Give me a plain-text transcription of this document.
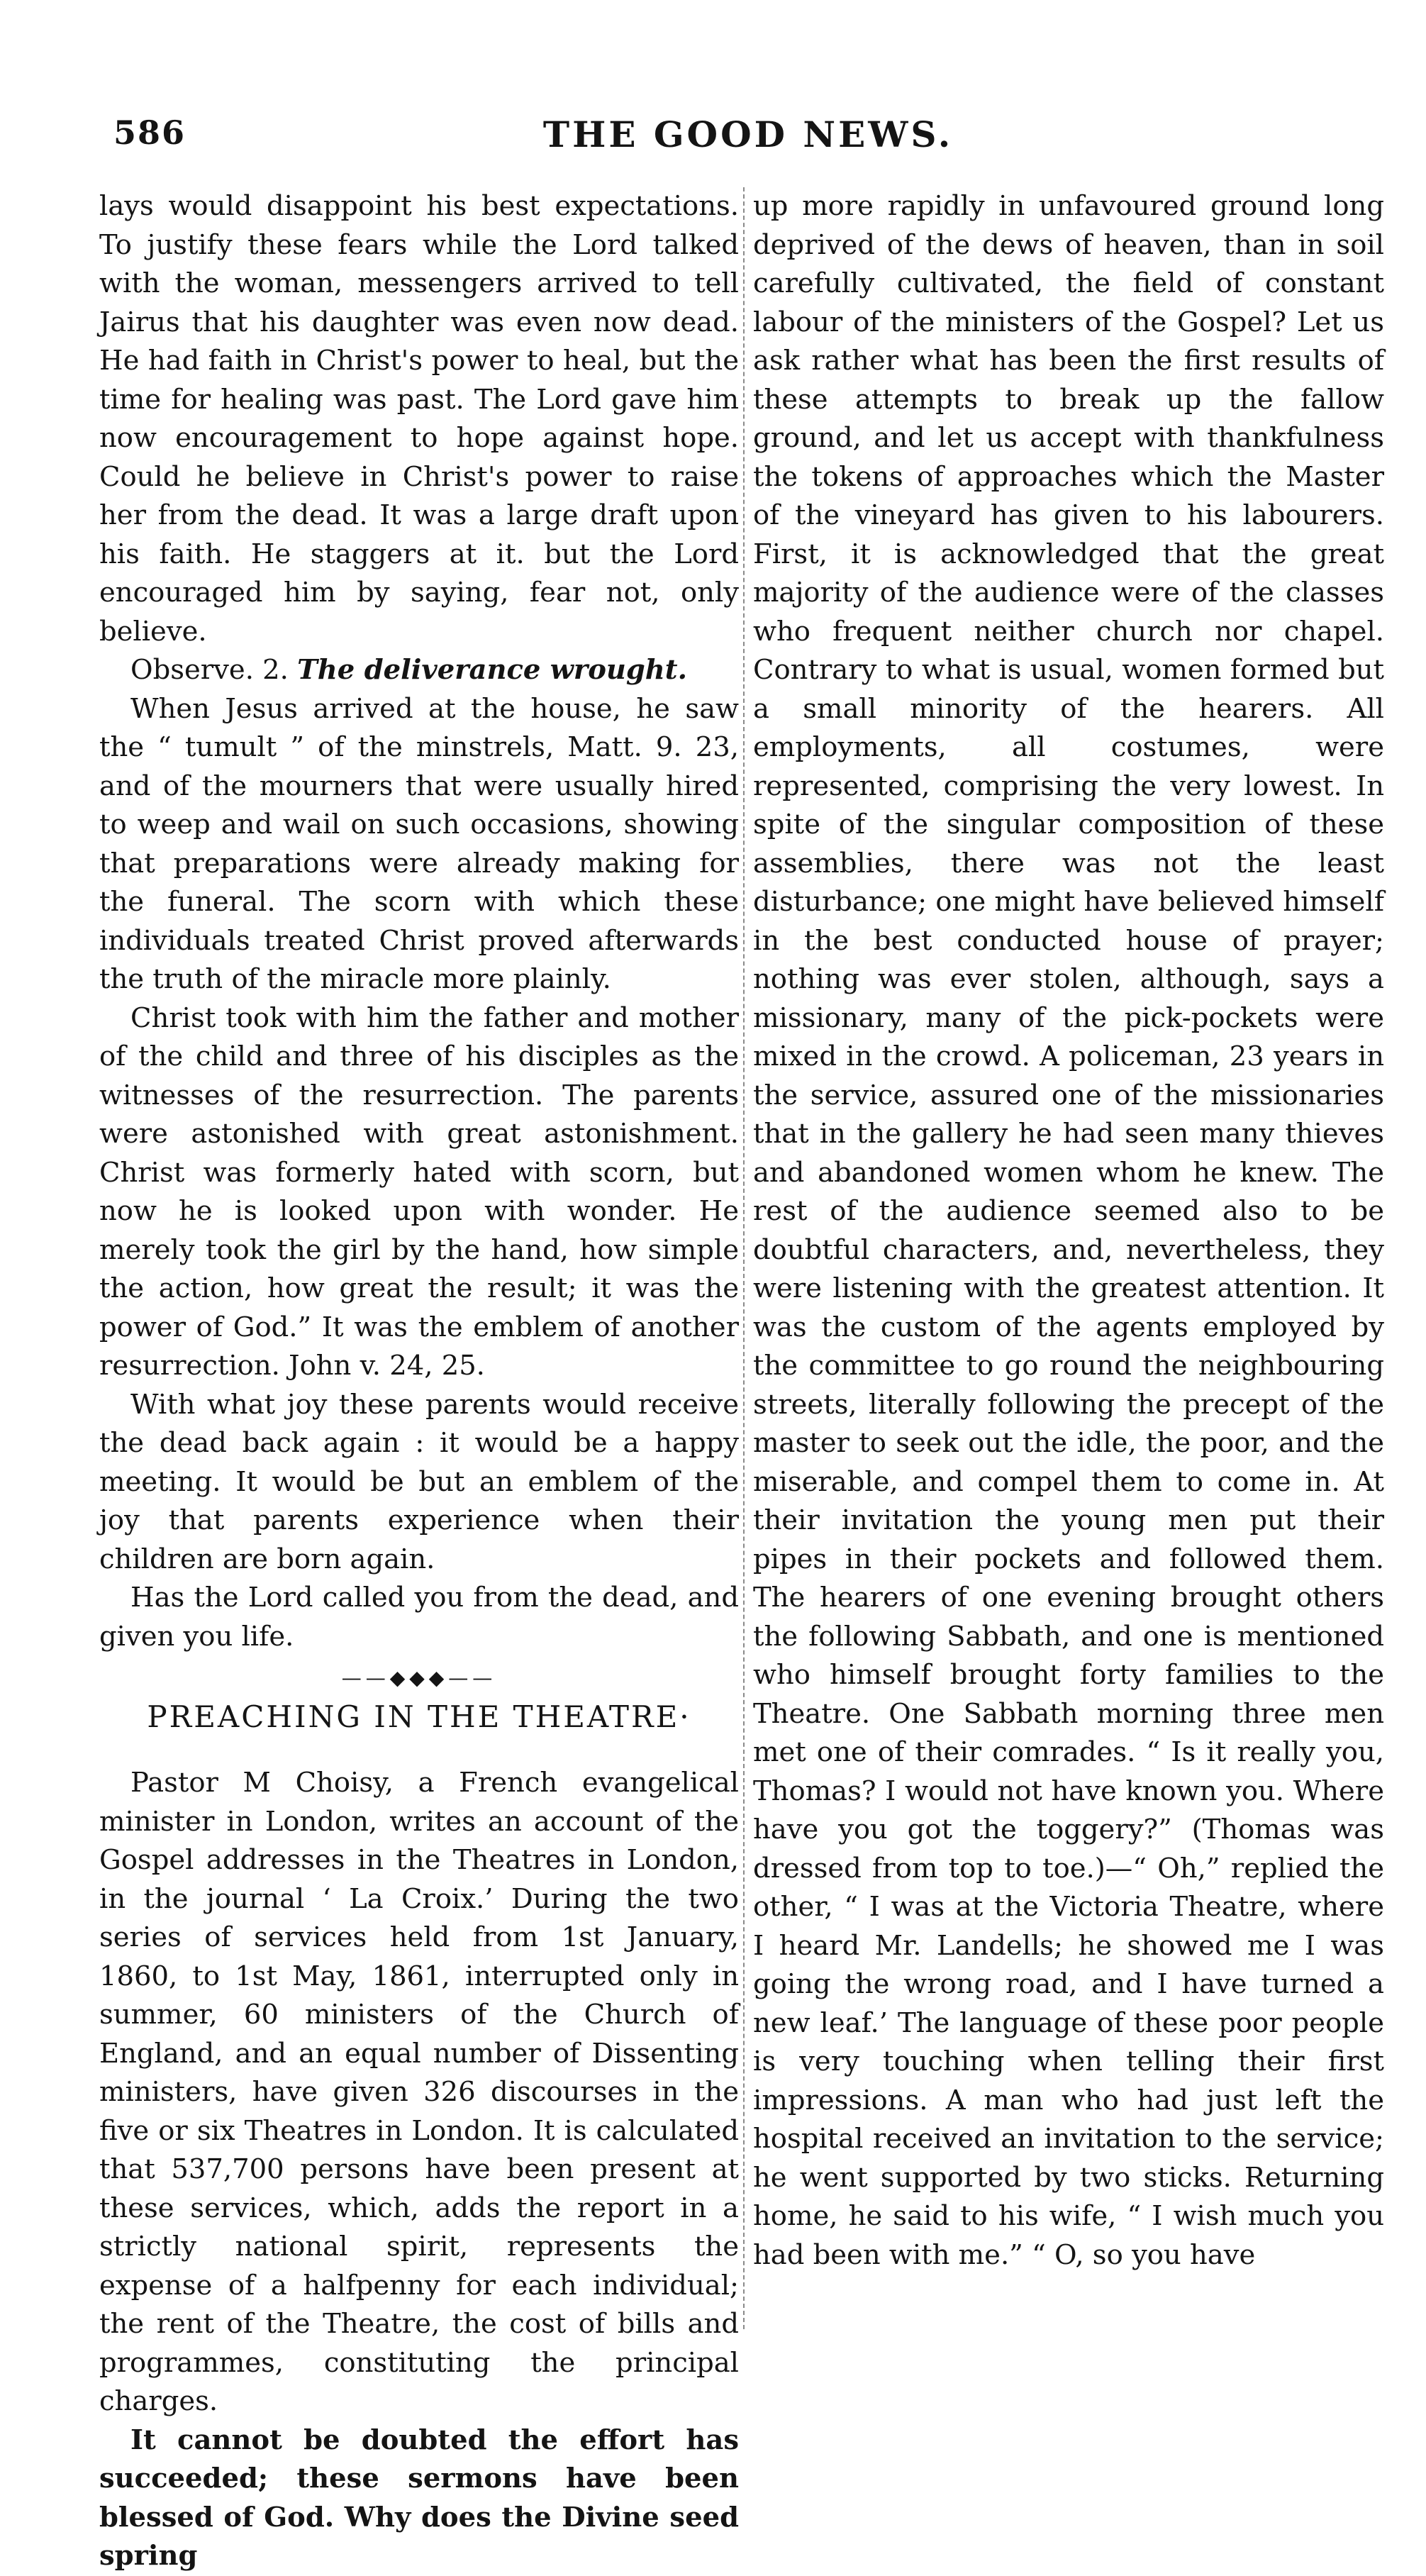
586	THE GOOD NEWS.

lays would disappoint his best expectations. To justify these fears while the Lord talked with the woman, messengers arrived to tell Jairus that his daughter was even now dead. He had faith in Christ's power to heal, but the time for healing was past. The Lord gave him now encouragement to hope against hope. Could he believe in Christ's power to raise her from the dead. It was a large draft upon his faith. He staggers at it. but the Lord encouraged him by saying, fear not, only believe.

Observe. 2. The deliverance wrought.

When Jesus arrived at the house, he saw the “ tumult ” of the minstrels, Matt. 9. 23, and of the mourners that were usually hired to weep and wail on such occasions, showing that preparations were already making for the funeral. The scorn with which these individuals treated Christ proved afterwards the truth of the miracle more plainly.

Christ took with him the father and mother of the child and three of his disciples as the witnesses of the resurrection. The parents were astonished with great astonishment. Christ was formerly hated with scorn, but now he is looked upon with wonder. He merely took the girl by the hand, how simple the action, how great the result; it was the power of God.” It was the emblem of another resurrection. John v. 24, 25.

With what joy these parents would receive the dead back again : it would be a happy meeting. It would be but an emblem of the joy that parents experience when their children are born again.

Has the Lord called you from the dead, and given you life.

——◆◆◆——
PREACHING IN THE THEATRE·

Pastor M Choisy, a French evangelical minister in London, writes an account of the Gospel addresses in the Theatres in London, in the journal ‘ La Croix.’ During the two series of services held from 1st January, 1860, to 1st May, 1861, interrupted only in summer, 60 ministers of the Church of England, and an equal number of Dissenting ministers, have given 326 discourses in the five or six Theatres in London. It is calculated that 537,700 persons have been present at these services, which, adds the report in a strictly national spirit, represents the expense of a halfpenny for each individual; the rent of the Theatre, the cost of bills and programmes, constituting the principal charges.

It cannot be doubted the effort has succeeded; these sermons have been blessed of God. Why does the Divine seed spring

up more rapidly in unfavoured ground long deprived of the dews of heaven, than in soil carefully cultivated, the field of constant labour of the ministers of the Gospel? Let us ask rather what has been the first results of these attempts to break up the fallow ground, and let us accept with thankfulness the tokens of approaches which the Master of the vineyard has given to his labourers. First, it is acknowledged that the great majority of the audience were of the classes who frequent neither church nor chapel. Contrary to what is usual, women formed but a small minority of the hearers. All employments, all costumes, were represented, comprising the very lowest. In spite of the singular composition of these assemblies, there was not the least disturbance; one might have believed himself in the best conducted house of prayer; nothing was ever stolen, although, says a missionary, many of the pick-pockets were mixed in the crowd. A policeman, 23 years in the service, assured one of the missionaries that in the gallery he had seen many thieves and abandoned women whom he knew. The rest of the audience seemed also to be doubtful characters, and, nevertheless, they were listening with the greatest attention. It was the custom of the agents employed by the committee to go round the neighbouring streets, literally following the precept of the master to seek out the idle, the poor, and the miserable, and compel them to come in. At their invitation the young men put their pipes in their pockets and followed them. The hearers of one evening brought others the following Sabbath, and one is mentioned who himself brought forty families to the Theatre. One Sabbath morning three men met one of their comrades. “ Is it really you, Thomas? I would not have known you. Where have you got the toggery?” (Thomas was dressed from top to toe.)—“ Oh,” replied the other, “ I was at the Victoria Theatre, where I heard Mr. Landells; he showed me I was going the wrong road, and I have turned a new leaf.’ The language of these poor people is very touching when telling their first impressions. A man who had just left the hospital received an invitation to the service; he went supported by two sticks. Returning home, he said to his wife, “ I wish much you had been with me.” “ O, so you have
